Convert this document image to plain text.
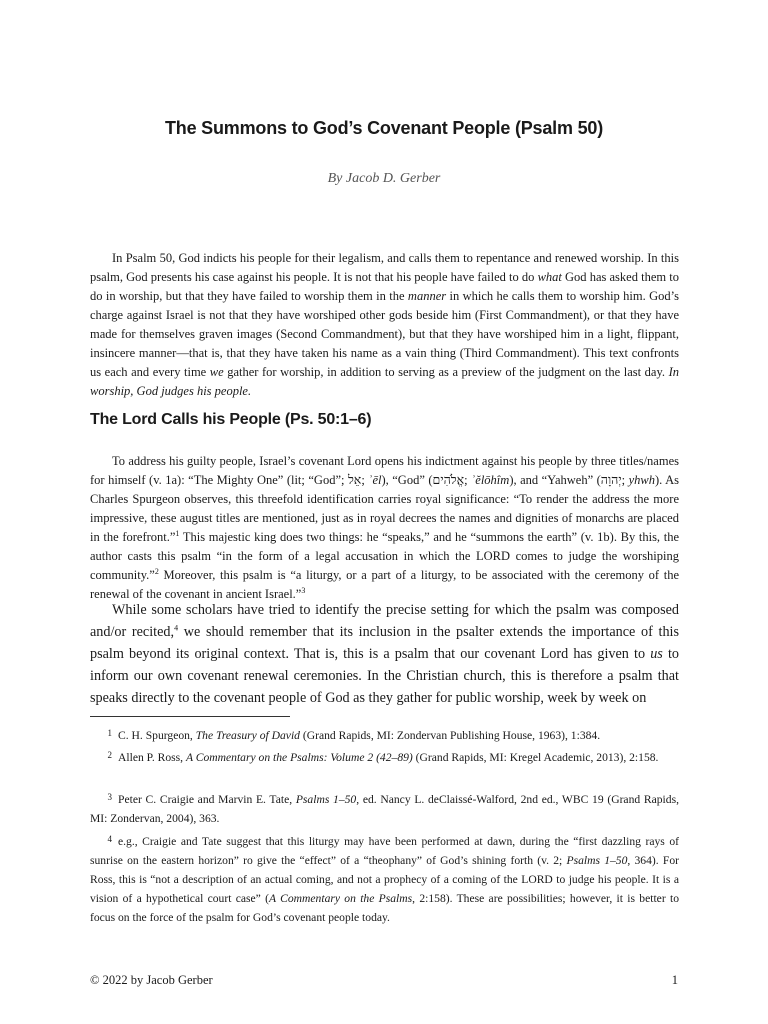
The Summons to God’s Covenant People (Psalm 50)
By Jacob D. Gerber

In Psalm 50, God indicts his people for their legalism, and calls them to repentance and renewed worship. In this psalm, God presents his case against his people. It is not that his people have failed to do what God has asked them to do in worship, but that they have failed to worship them in the manner in which he calls them to worship him. God’s charge against Israel is not that they have worshiped other gods beside him (First Commandment), or that they have made for themselves graven images (Second Commandment), but that they have worshiped him in a light, flippant, insincere manner—that is, that they have taken his name as a vain thing (Third Commandment). This text confronts us each and every time we gather for worship, in addition to serving as a preview of the judgment on the last day. In worship, God judges his people.

The Lord Calls his People (Ps. 50:1–6)

To address his guilty people, Israel’s covenant Lord opens his indictment against his people by three titles/names for himself (v. 1a): “The Mighty One” (lit; “God”; אֵל; ʾēl), “God” (אֱלֹהִים; ʾĕlōhîm), and “Yahweh” (יְהוָה; yhwh). As Charles Spurgeon observes, this threefold identification carries royal significance: “To render the address the more impressive, these august titles are mentioned, just as in royal decrees the names and dignities of monarchs are placed in the forefront.”$^1$ This majestic king does two things: he “speaks,” and he “summons the earth” (v. 1b). By this, the author casts this psalm “in the form of a legal accusation in which the LORD comes to judge the worshiping community.”$^2$ Moreover, this psalm is “a liturgy, or a part of a liturgy, to be associated with the ceremony of the renewal of the covenant in ancient Israel.”$^3$

While some scholars have tried to identify the precise setting for which the psalm was composed and/or recited,$^4$ we should remember that its inclusion in the psalter extends the importance of this psalm beyond its original context. That is, this is a psalm that our covenant Lord has given to us to inform our own covenant renewal ceremonies. In the Christian church, this is therefore a psalm that speaks directly to the covenant people of God as they gather for public worship, week by week on

1 C. H. Spurgeon, The Treasury of David (Grand Rapids, MI: Zondervan Publishing House, 1963), 1:384.

2 Allen P. Ross, A Commentary on the Psalms: Volume 2 (42–89) (Grand Rapids, MI: Kregel Academic, 2013), 2:158.

3 Peter C. Craigie and Marvin E. Tate, Psalms 1–50, ed. Nancy L. deClaissé-Walford, 2nd ed., WBC 19 (Grand Rapids, MI: Zondervan, 2004), 363.

4 e.g., Craigie and Tate suggest that this liturgy may have been performed at dawn, during the “first dazzling rays of sunrise on the eastern horizon” ro give the “effect” of a “theophany” of God’s shining forth (v. 2; Psalms 1–50, 364). For Ross, this is “not a description of an actual coming, and not a prophecy of a coming of the LORD to judge his people. It is a vision of a hypothetical court case” (A Commentary on the Psalms, 2:158). These are possibilities; however, it is better to focus on the force of the psalm for God’s covenant people today.

© 2022 by Jacob Gerber	1
